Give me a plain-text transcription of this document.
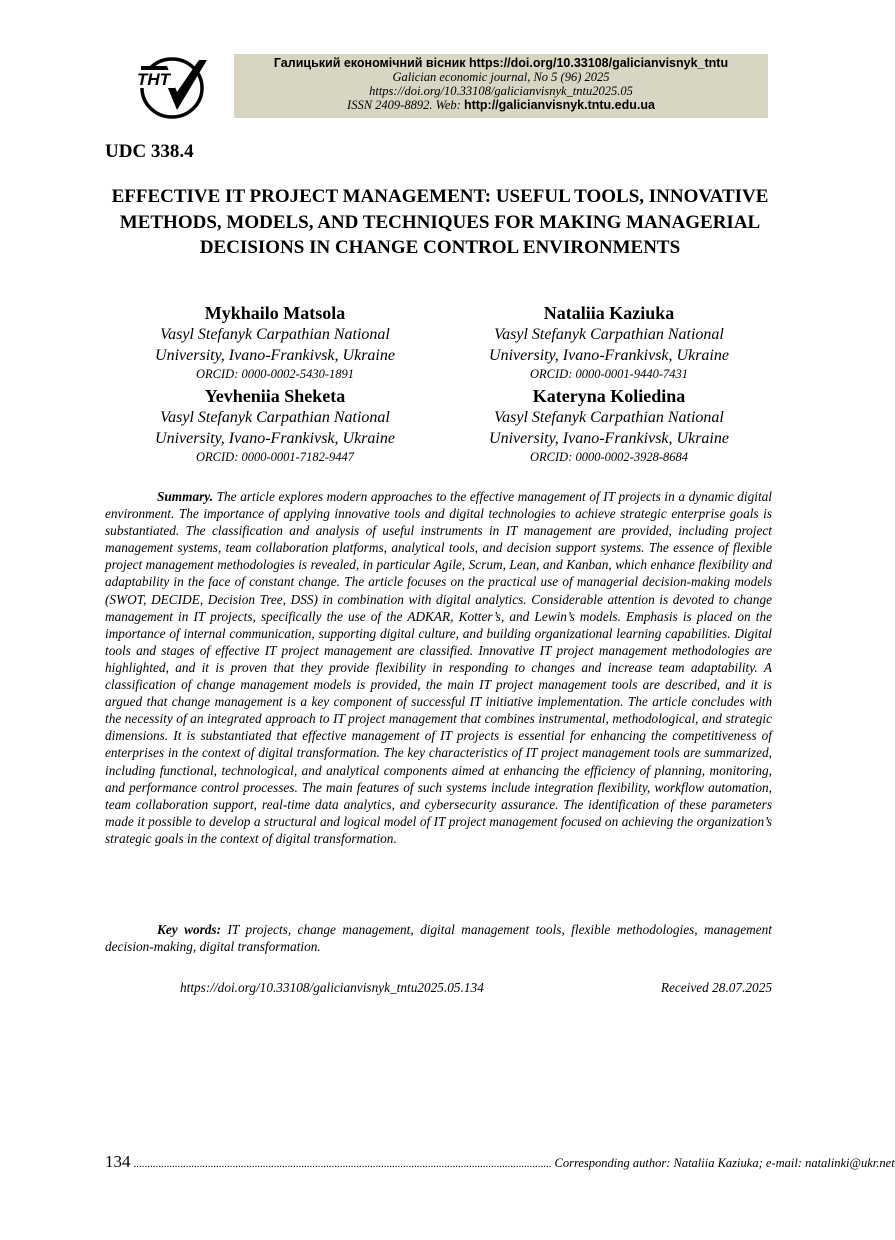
ТНТ
Галицький економічний вісник https://doi.org/10.33108/galicianvisnyk_tntu
Galician economic journal, No 5 (96) 2025
https://doi.org/10.33108/galicianvisnyk_tntu2025.05
ISSN 2409-8892. Web: http://galicianvisnyk.tntu.edu.ua
UDC 338.4
EFFECTIVE IT PROJECT MANAGEMENT: USEFUL TOOLS, INNOVATIVE METHODS, MODELS, AND TECHNIQUES FOR MAKING MANAGERIAL DECISIONS IN CHANGE CONTROL ENVIRONMENTS
Mykhailo Matsola
Vasyl Stefanyk Carpathian National
University, Ivano-Frankivsk, Ukraine
ORCID: 0000-0002-5430-1891
Nataliia Kaziuka
Vasyl Stefanyk Carpathian National
University, Ivano-Frankivsk, Ukraine
ORCID: 0000-0001-9440-7431
Yevheniia Sheketa
Vasyl Stefanyk Carpathian National
University, Ivano-Frankivsk, Ukraine
ORCID: 0000-0001-7182-9447
Kateryna Koliedina
Vasyl Stefanyk Carpathian National
University, Ivano-Frankivsk, Ukraine
ORCID: 0000-0002-3928-8684
Summary. The article explores modern approaches to the effective management of IT projects in a dynamic digital environment. The importance of applying innovative tools and digital technologies to achieve strategic enterprise goals is substantiated. The classification and analysis of useful instruments in IT management are provided, including project management systems, team collaboration platforms, analytical tools, and decision support systems. The essence of flexible project management methodologies is revealed, in particular Agile, Scrum, Lean, and Kanban, which enhance flexibility and adaptability in the face of constant change. The article focuses on the practical use of managerial decision-making models (SWOT, DECIDE, Decision Tree, DSS) in combination with digital analytics. Considerable attention is devoted to change management in IT projects, specifically the use of the ADKAR, Kotter’s, and Lewin’s models. Emphasis is placed on the importance of internal communication, supporting digital culture, and building organizational learning capabilities. Digital tools and stages of effective IT project management are classified. Innovative IT project management methodologies are highlighted, and it is proven that they provide flexibility in responding to changes and increase team adaptability. A classification of change management models is provided, the main IT project management tools are described, and it is argued that change management is a key component of successful IT initiative implementation. The article concludes with the necessity of an integrated approach to IT project management that combines instrumental, methodological, and strategic dimensions. It is substantiated that effective management of IT projects is essential for enhancing the competitiveness of enterprises in the context of digital transformation. The key characteristics of IT project management tools are summarized, including functional, technological, and analytical components aimed at enhancing the efficiency of planning, monitoring, and performance control processes. The main features of such systems include integration flexibility, workflow automation, team collaboration support, real-time data analytics, and cybersecurity assurance. The identification of these parameters made it possible to develop a structural and logical model of IT project management focused on achieving the organization’s strategic goals in the context of digital transformation.
Key words: IT projects, change management, digital management tools, flexible methodologies, management decision-making, digital transformation.
https://doi.org/10.33108/galicianvisnyk_tntu2025.05.134	Received 28.07.2025
134 ........................................................................................................................................................ Corresponding author: Nataliia Kaziuka; e-mail: natalinki@ukr.net
